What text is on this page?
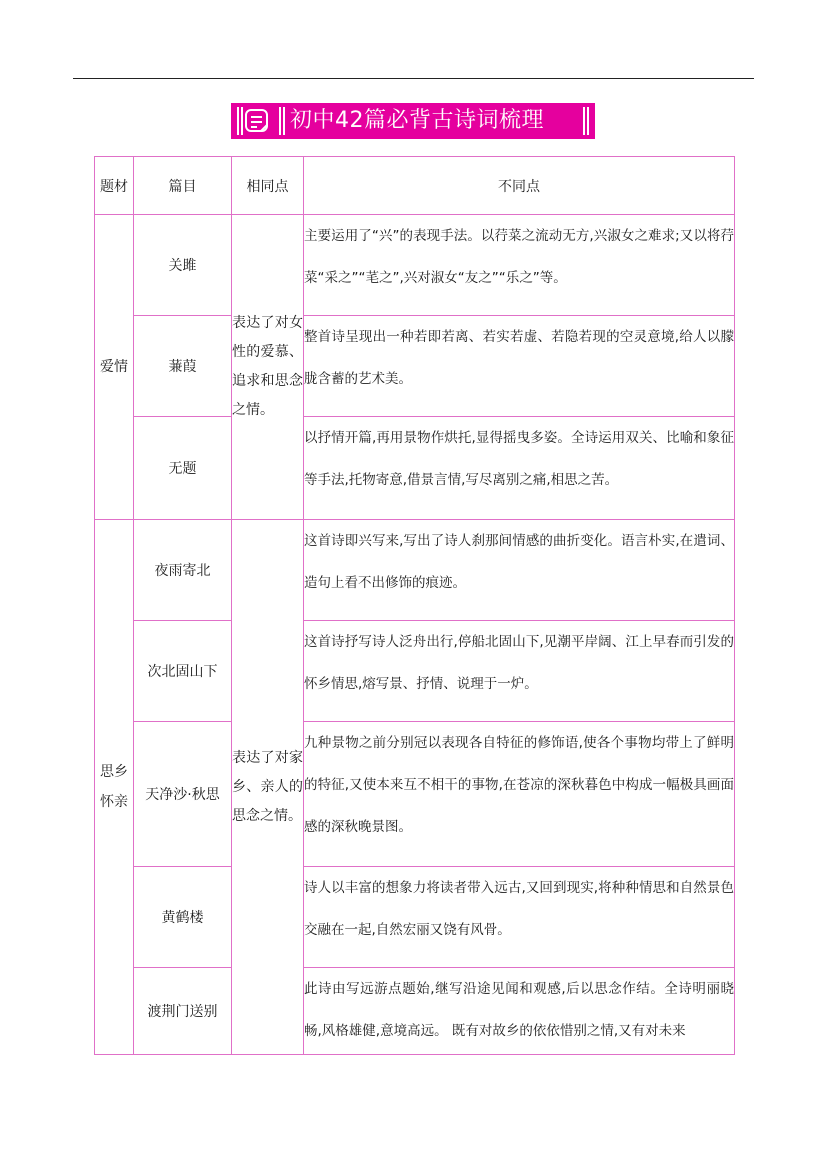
初中42篇必背古诗词梳理
题材	篇目	相同点	不同点
爱情	关雎	表达了对女性的爱慕、追求和思念之情。	主要运用了“兴”的表现手法。以荇菜之流动无方,兴淑女之难求;又以将荇菜“采之”“芼之”,兴对淑女“友之”“乐之”等。
	蒹葭		整首诗呈现出一种若即若离、若实若虚、若隐若现的空灵意境,给人以朦胧含蓄的艺术美。
	无题		以抒情开篇,再用景物作烘托,显得摇曳多姿。全诗运用双关、比喻和象征等手法,托物寄意,借景言情,写尽离别之痛,相思之苦。
思乡怀亲	夜雨寄北	表达了对家乡、亲人的思念之情。	这首诗即兴写来,写出了诗人刹那间情感的曲折变化。语言朴实,在遣词、造句上看不出修饰的痕迹。
	次北固山下		这首诗抒写诗人泛舟出行,停船北固山下,见潮平岸阔、江上早春而引发的怀乡情思,熔写景、抒情、说理于一炉。
	天净沙·秋思		九种景物之前分别冠以表现各自特征的修饰语,使各个事物均带上了鲜明的特征,又使本来互不相干的事物,在苍凉的深秋暮色中构成一幅极具画面感的深秋晚景图。
	黄鹤楼		诗人以丰富的想象力将读者带入远古,又回到现实,将种种情思和自然景色交融在一起,自然宏丽又饶有风骨。
	渡荆门送别		此诗由写远游点题始,继写沿途见闻和观感,后以思念作结。全诗明丽晓畅,风格雄健,意境高远。 既有对故乡的依依惜别之情,又有对未来
